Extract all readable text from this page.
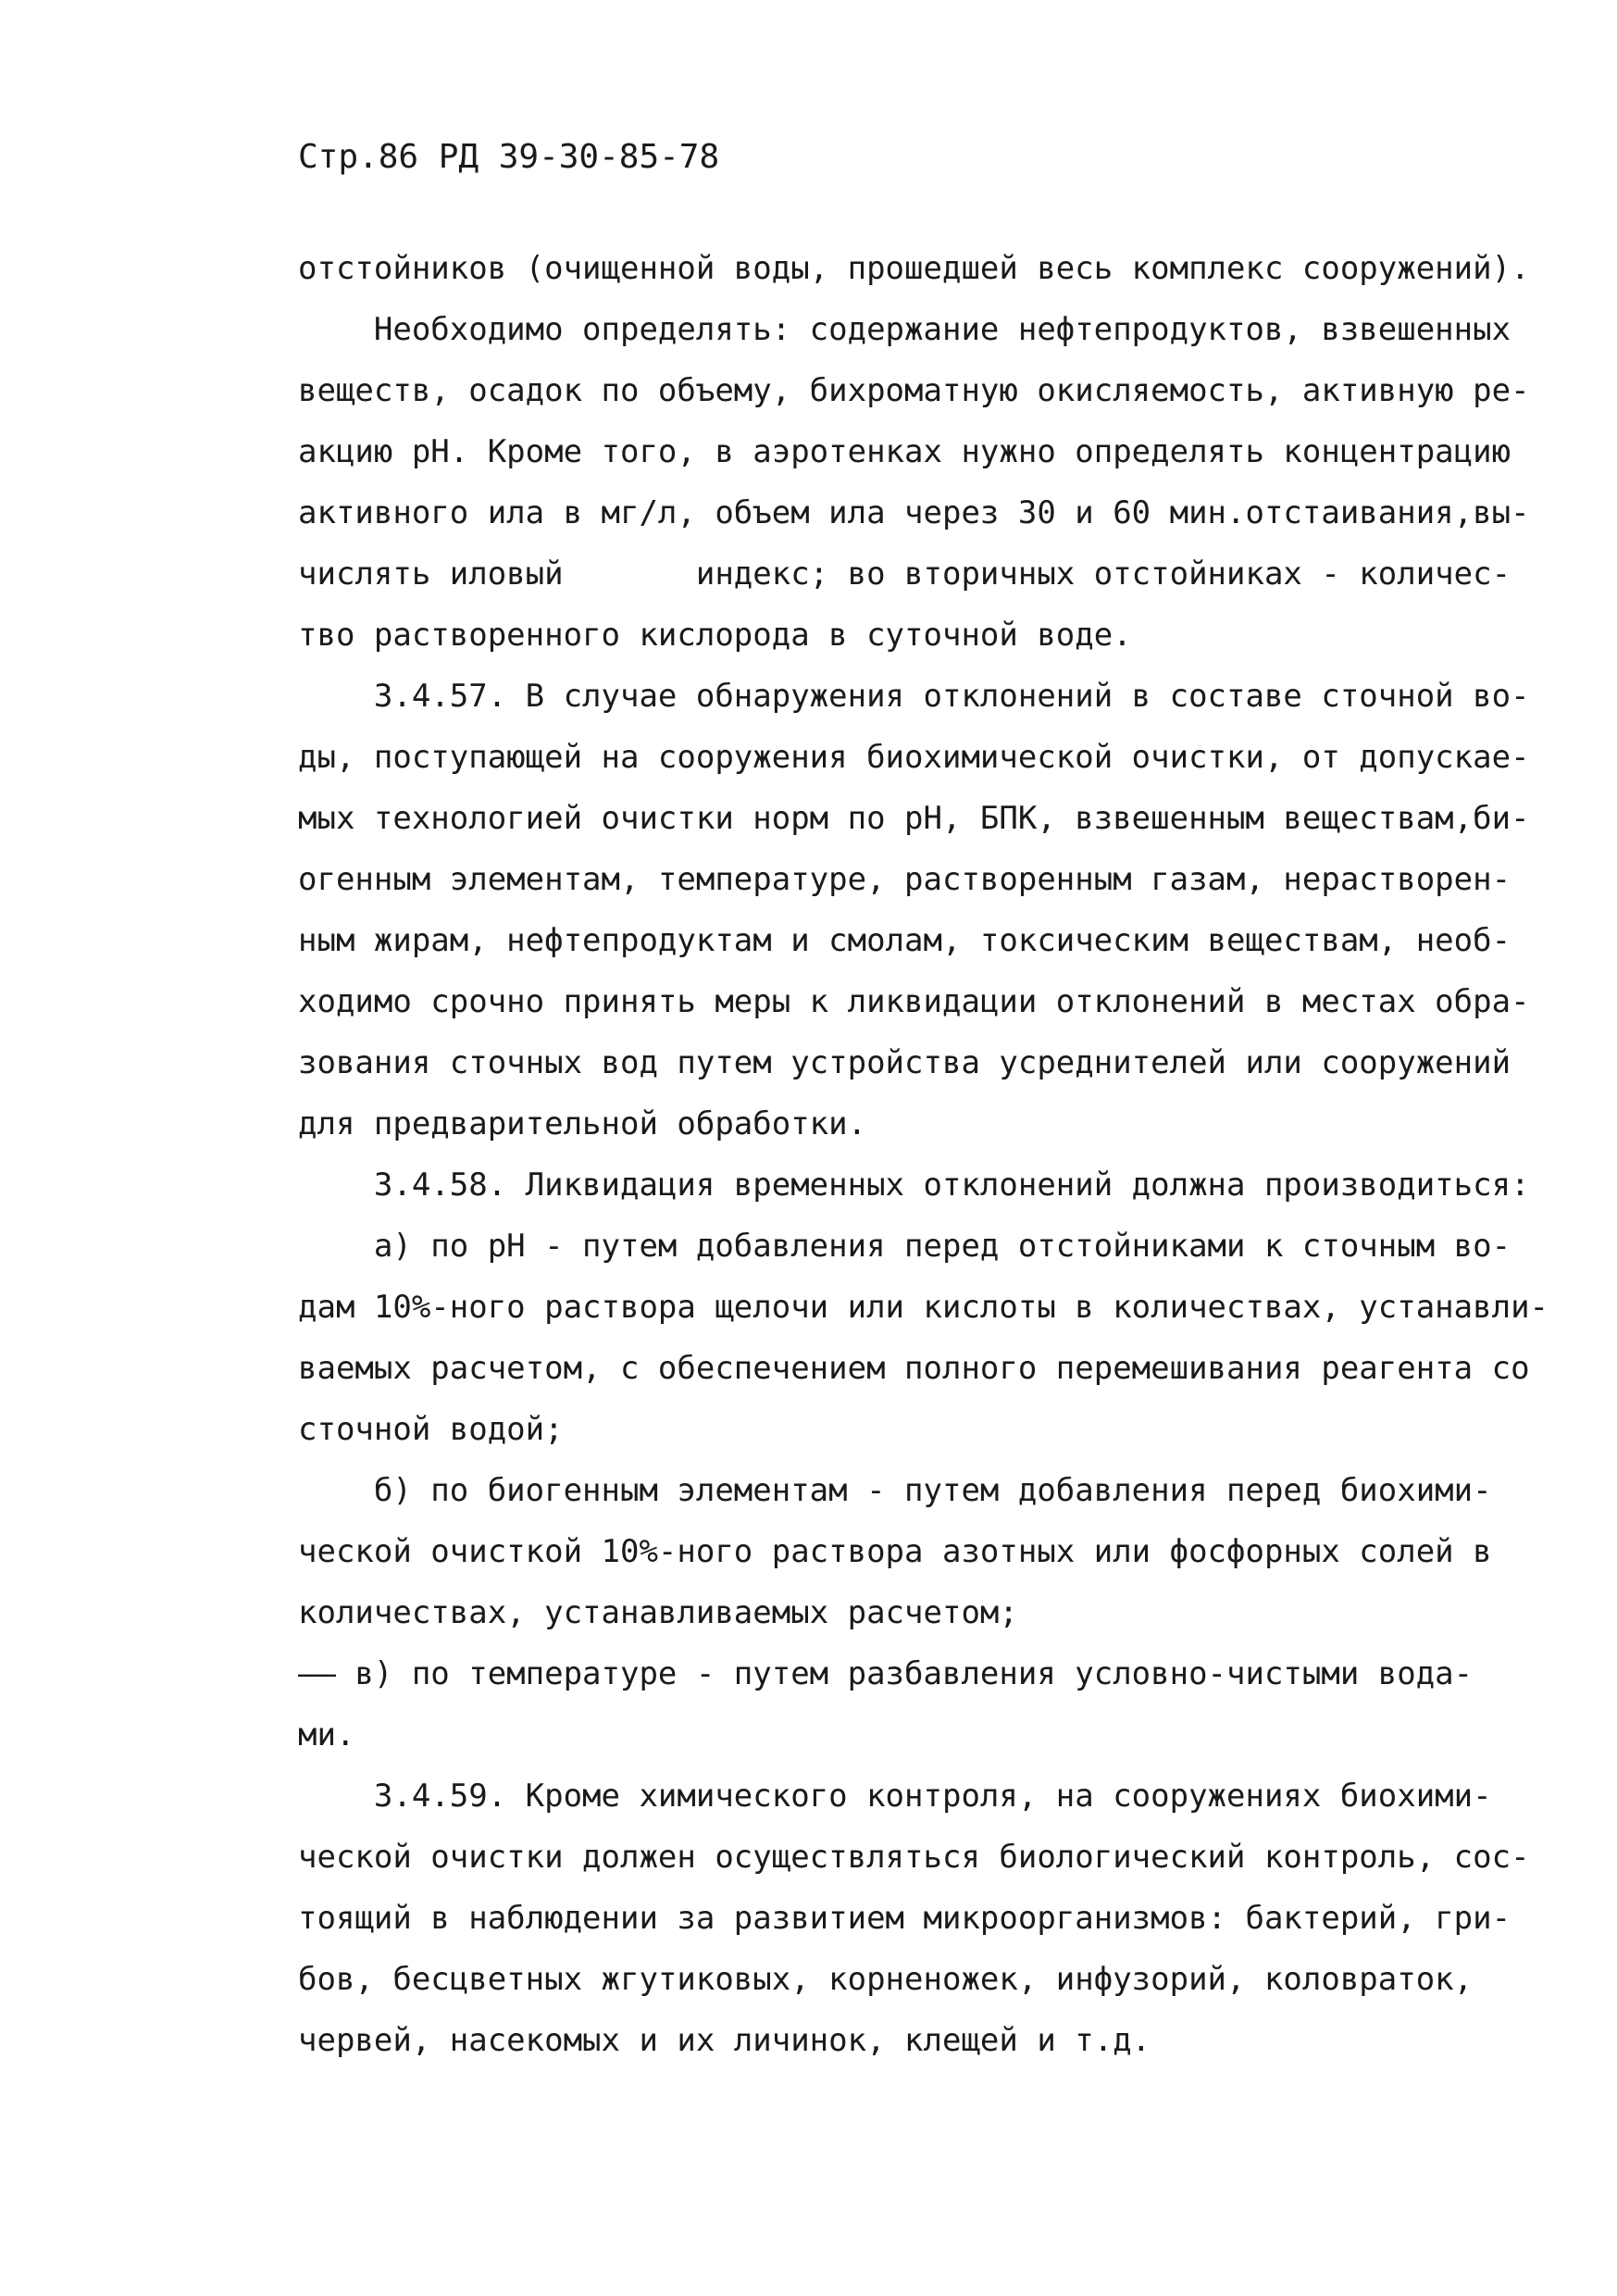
Стр.86 РД 39-30-85-78
отстойников (очищенной воды, прошедшей весь комплекс сооружений).
Необходимо определять: содержание нефтепродуктов, взвешенных
веществ, осадок по объему, бихроматную окисляемость, активную ре-
акцию рН. Кроме того, в аэротенках нужно определять концентрацию
активного ила в мг/л, объем ила через 30 и 60 мин.отстаивания,вы-
числять иловый       индекс; во вторичных отстойниках - количес-
тво растворенного кислорода в суточной воде.
3.4.57. В случае обнаружения отклонений в составе сточной во-
ды, поступающей на сооружения биохимической очистки, от допускае-
мых технологией очистки норм по рН, БПК, взвешенным веществам,би-
огенным элементам, температуре, растворенным газам, нерастворен-
ным жирам, нефтепродуктам и смолам, токсическим веществам, необ-
ходимо срочно принять меры к ликвидации отклонений в местах обра-
зования сточных вод путем устройства усреднителей или сооружений
для предварительной обработки.
3.4.58. Ликвидация временных отклонений должна производиться:
а) по рН - путем добавления перед отстойниками к сточным во-
дам 10%-ного раствора щелочи или кислоты в количествах, устанавли-
ваемых расчетом, с обеспечением полного перемешивания реагента со
сточной водой;
б) по биогенным элементам - путем добавления перед биохими-
ческой очисткой 10%-ного раствора азотных или фосфорных солей в
количествах, устанавливаемых расчетом;
—— в) по температуре - путем разбавления условно-чистыми вода-
ми.
3.4.59. Кроме химического контроля, на сооружениях биохими-
ческой очистки должен осуществляться биологический контроль, сос-
тоящий в наблюдении за развитием микроорганизмов: бактерий, гри-
бов, бесцветных жгутиковых, корненожек, инфузорий, коловраток,
червей, насекомых и их личинок, клещей и т.д.
